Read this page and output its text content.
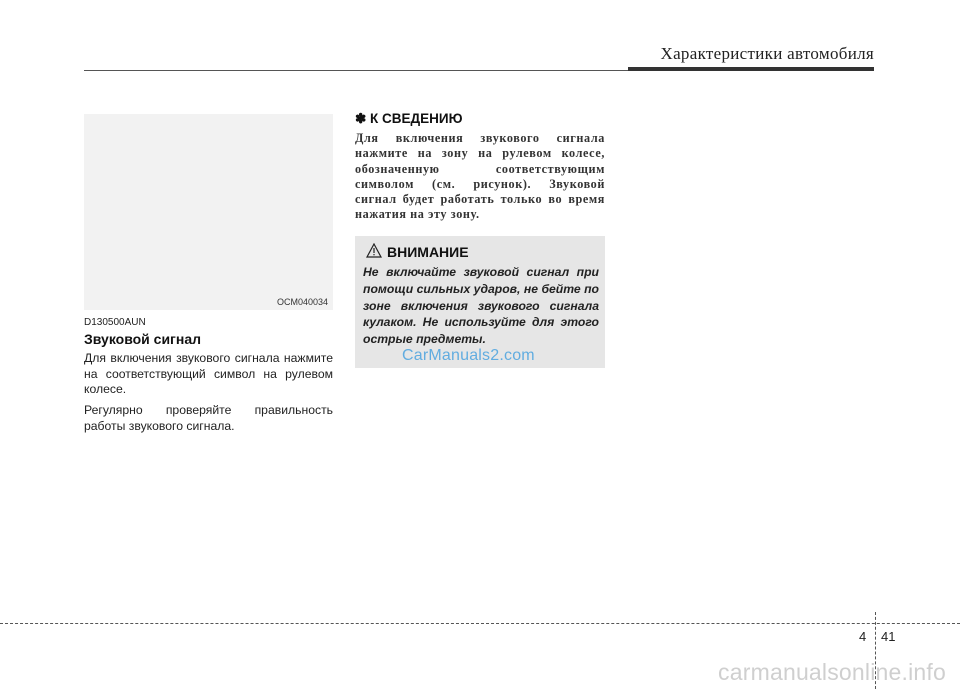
Характеристики автомобиля
OCM040034
D130500AUN
Звуковой сигнал
Для включения звукового сигнала нажмите на соответствующий символ на рулевом колесе.
Регулярно проверяйте правильность работы звукового сигнала.
✽ К СВЕДЕНИЮ
Для включения звукового сигнала нажмите на зону на рулевом колесе, обозначенную соответствующим символом (см. рисунок). Звуковой сигнал будет работать только во время нажатия на эту зону.
ВНИМАНИЕ
Не включайте звуковой сигнал при помощи сильных ударов, не бейте по зоне включения звукового сигнала кулаком. Не используйте для этого острые предметы.
CarManuals2.com
4 41
carmanualsonline.info
